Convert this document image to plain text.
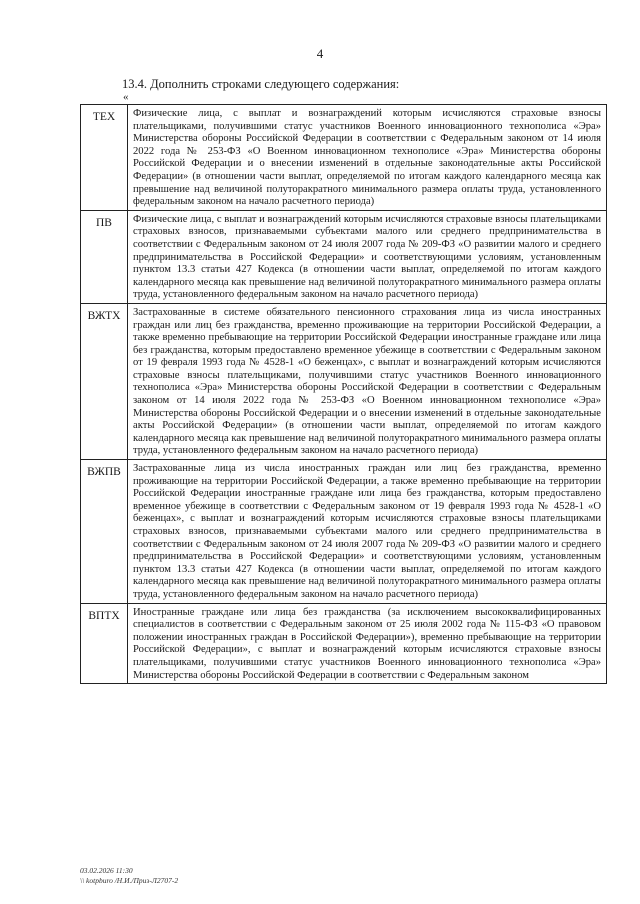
4
13.4. Дополнить строками следующего содержания:
«
ТЕХ	Физические лица, с выплат и вознаграждений которым исчисляются страховые взносы плательщиками, получившими статус участников Военного инновационного технополиса «Эра» Министерства обороны Российской Федерации в соответствии с Федеральным законом от 14 июля 2022 года № 253-ФЗ «О Военном инновационном технополисе «Эра» Министерства обороны Российской Федерации и о внесении изменений в отдельные законодательные акты Российской Федерации» (в отношении части выплат, определяемой по итогам каждого календарного месяца как превышение над величиной полуторакратного минимального размера оплаты труда, установленного федеральным законом на начало расчетного периода)
ПВ	Физические лица, с выплат и вознаграждений которым исчисляются страховые взносы плательщиками страховых взносов, признаваемыми субъектами малого или среднего предпринимательства в соответствии с Федеральным законом от 24 июля 2007 года № 209-ФЗ «О развитии малого и среднего предпринимательства в Российской Федерации» и соответствующими условиям, установленным пунктом 13.3 статьи 427 Кодекса (в отношении части выплат, определяемой по итогам каждого календарного месяца как превышение над величиной полуторакратного минимального размера оплаты труда, установленного федеральным законом на начало расчетного периода)
ВЖТХ	Застрахованные в системе обязательного пенсионного страхования лица из числа иностранных граждан или лиц без гражданства, временно проживающие на территории Российской Федерации, а также временно пребывающие на территории Российской Федерации иностранные граждане или лица без гражданства, которым предоставлено временное убежище в соответствии с Федеральным законом от 19 февраля 1993 года № 4528-1 «О беженцах», с выплат и вознаграждений которым исчисляются страховые взносы плательщиками, получившими статус участников Военного инновационного технополиса «Эра» Министерства обороны Российской Федерации в соответствии с Федеральным законом от 14 июля 2022 года № 253-ФЗ «О Военном инновационном технополисе «Эра» Министерства обороны Российской Федерации и о внесении изменений в отдельные законодательные акты Российской Федерации» (в отношении части выплат, определяемой по итогам каждого календарного месяца как превышение над величиной полуторакратного минимального размера оплаты труда, установленного федеральным законом на начало расчетного периода)
ВЖПВ	Застрахованные лица из числа иностранных граждан или лиц без гражданства, временно проживающие на территории Российской Федерации, а также временно пребывающие на территории Российской Федерации иностранные граждане или лица без гражданства, которым предоставлено временное убежище в соответствии с Федеральным законом от 19 февраля 1993 года № 4528-1 «О беженцах», с выплат и вознаграждений которым исчисляются страховые взносы плательщиками страховых взносов, признаваемыми субъектами малого или среднего предпринимательства в соответствии с Федеральным законом от 24 июля 2007 года № 209-ФЗ «О развитии малого и среднего предпринимательства в Российской Федерации» и соответствующими условиям, установленным пунктом 13.3 статьи 427 Кодекса (в отношении части выплат, определяемой по итогам каждого календарного месяца как превышение над величиной полуторакратного минимального размера оплаты труда, установленного федеральным законом на начало расчетного периода)
ВПТХ	Иностранные граждане или лица без гражданства (за исключением высококвалифицированных специалистов в соответствии с Федеральным законом от 25 июля 2002 года № 115-ФЗ «О правовом положении иностранных граждан в Российской Федерации»), временно пребывающие на территории Российской Федерации», с выплат и вознаграждений которым исчисляются страховые взносы плательщиками, получившими статус участников Военного инновационного технополиса «Эра» Министерства обороны Российской Федерации в соответствии с Федеральным законом
03.02.2026 11:30
\\ kotpburo /Н.И./Приз-Л2707-2
